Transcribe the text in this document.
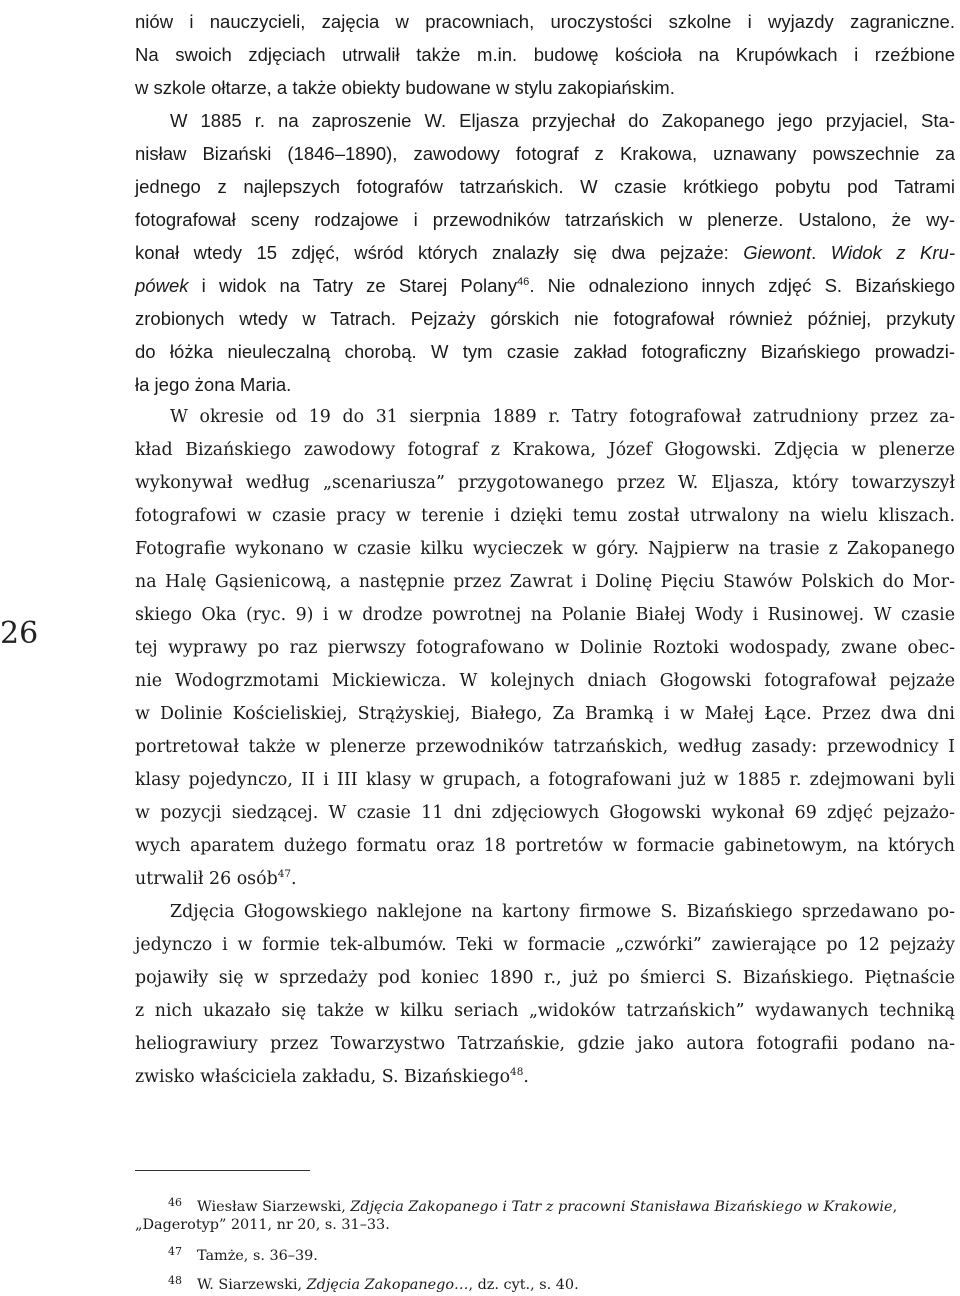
26
niów i nauczycieli, zajęcia w pracowniach, uroczystości szkolne i wyjazdy zagraniczne.
Na swoich zdjęciach utrwalił także m.in. budowę kościoła na Krupówkach i rzeźbione
w szkole ołtarze, a także obiekty budowane w stylu zakopiańskim.
W 1885 r. na zaproszenie W. Eljasza przyjechał do Zakopanego jego przyjaciel, Sta-
nisław Bizański (1846–1890), zawodowy fotograf z Krakowa, uznawany powszechnie za
jednego z najlepszych fotografów tatrzańskich. W czasie krótkiego pobytu pod Tatrami
fotografował sceny rodzajowe i przewodników tatrzańskich w plenerze. Ustalono, że wy-
konał wtedy 15 zdjęć, wśród których znalazły się dwa pejzaże: Giewont. Widok z Kru-
pówek i widok na Tatry ze Starej Polany$^{46}$. Nie odnaleziono innych zdjęć S. Bizańskiego
zrobionych wtedy w Tatrach. Pejzaży górskich nie fotografował również później, przykuty
do łóżka nieuleczalną chorobą. W tym czasie zakład fotograficzny Bizańskiego prowadzi-
ła jego żona Maria.
W okresie od 19 do 31 sierpnia 1889 r. Tatry fotografował zatrudniony przez za-
kład Bizańskiego zawodowy fotograf z Krakowa, Józef Głogowski. Zdjęcia w plenerze
wykonywał według „scenariusza” przygotowanego przez W. Eljasza, który towarzyszył
fotografowi w czasie pracy w terenie i dzięki temu został utrwalony na wielu kliszach.
Fotografie wykonano w czasie kilku wycieczek w góry. Najpierw na trasie z Zakopanego
na Halę Gąsienicową, a następnie przez Zawrat i Dolinę Pięciu Stawów Polskich do Mor-
skiego Oka (ryc. 9) i w drodze powrotnej na Polanie Białej Wody i Rusinowej. W czasie
tej wyprawy po raz pierwszy fotografowano w Dolinie Roztoki wodospady, zwane obec-
nie Wodogrzmotami Mickiewicza. W kolejnych dniach Głogowski fotografował pejzaże
w Dolinie Kościeliskiej, Strążyskiej, Białego, Za Bramką i w Małej Łące. Przez dwa dni
portretował także w plenerze przewodników tatrzańskich, według zasady: przewodnicy I
klasy pojedynczo, II i III klasy w grupach, a fotografowani już w 1885 r. zdejmowani byli
w pozycji siedzącej. W czasie 11 dni zdjęciowych Głogowski wykonał 69 zdjęć pejzażo-
wych aparatem dużego formatu oraz 18 portretów w formacie gabinetowym, na których
utrwalił 26 osób$^{47}$.
Zdjęcia Głogowskiego naklejone na kartony firmowe S. Bizańskiego sprzedawano po-
jedynczo i w formie tek-albumów. Teki w formacie „czwórki” zawierające po 12 pejzaży
pojawiły się w sprzedaży pod koniec 1890 r., już po śmierci S. Bizańskiego. Piętnaście
z nich ukazało się także w kilku seriach „widoków tatrzańskich” wydawanych techniką
heliograwiury przez Towarzystwo Tatrzańskie, gdzie jako autora fotografii podano na-
zwisko właściciela zakładu, S. Bizańskiego$^{48}$.
46 Wiesław Siarzewski, Zdjęcia Zakopanego i Tatr z pracowni Stanisława Bizańskiego w Krakowie,
„Dagerotyp” 2011, nr 20, s. 31–33.
47 Tamże, s. 36–39.
48 W. Siarzewski, Zdjęcia Zakopanego…, dz. cyt., s. 40.
